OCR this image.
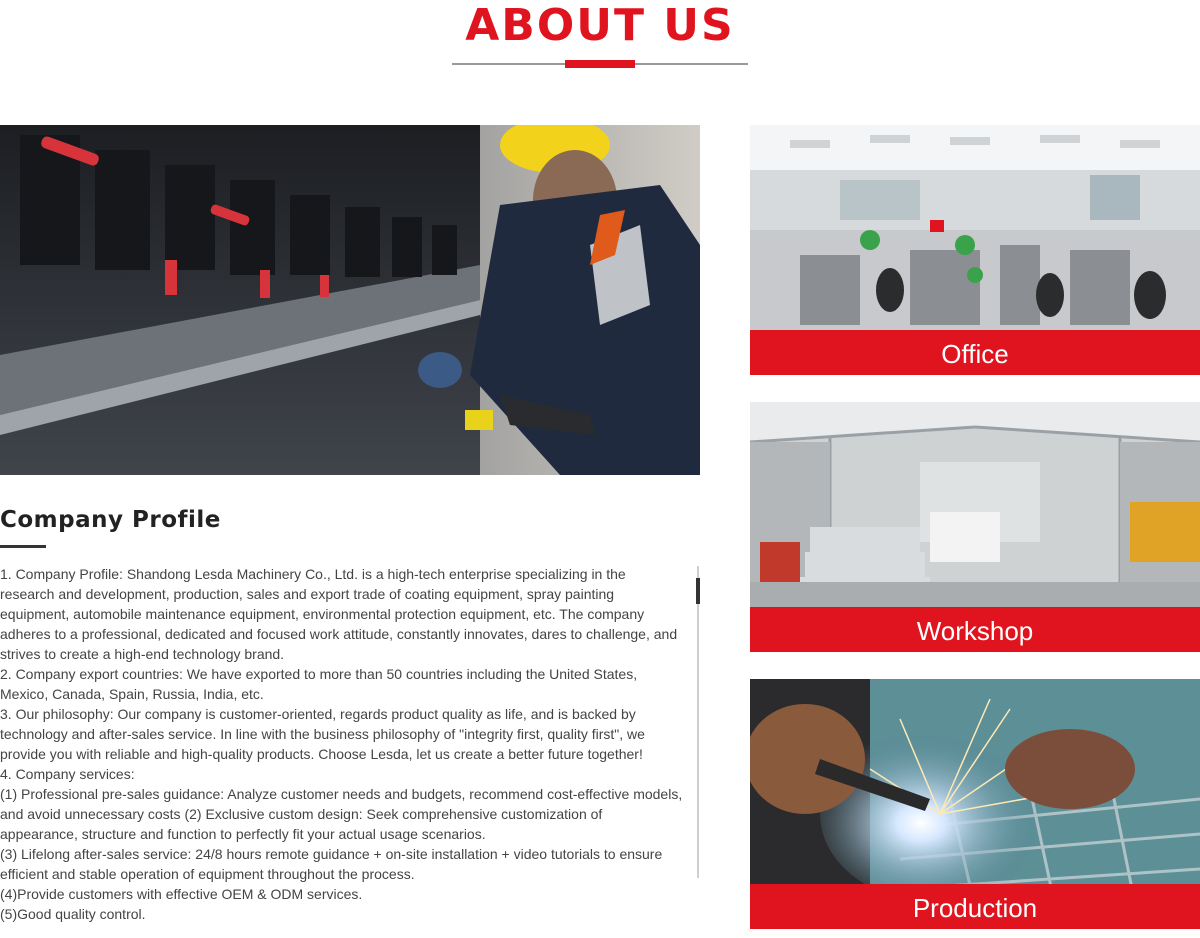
ABOUT US
Office
Workshop
Production
Company Profile

1. Company Profile: Shandong Lesda Machinery Co., Ltd. is a high-tech enterprise specializing in the research and development, production, sales and export trade of coating equipment, spray painting equipment, automobile maintenance equipment, environmental protection equipment, etc. The company adheres to a professional, dedicated and focused work attitude, constantly innovates, dares to challenge, and strives to create a high-end technology brand.

2. Company export countries: We have exported to more than 50 countries including the United States, Mexico, Canada, Spain, Russia, India, etc.

3. Our philosophy: Our company is customer-oriented, regards product quality as life, and is backed by technology and after-sales service. In line with the business philosophy of "integrity first, quality first", we provide you with reliable and high-quality products. Choose Lesda, let us create a better future together!

4. Company services:

(1) Professional pre-sales guidance: Analyze customer needs and budgets, recommend cost-effective models, and avoid unnecessary costs (2) Exclusive custom design: Seek comprehensive customization of appearance, structure and function to perfectly fit your actual usage scenarios.

(3) Lifelong after-sales service: 24/8 hours remote guidance + on-site installation + video tutorials to ensure efficient and stable operation of equipment throughout the process.

(4)Provide customers with effective OEM & ODM services.

(5)Good quality control.
